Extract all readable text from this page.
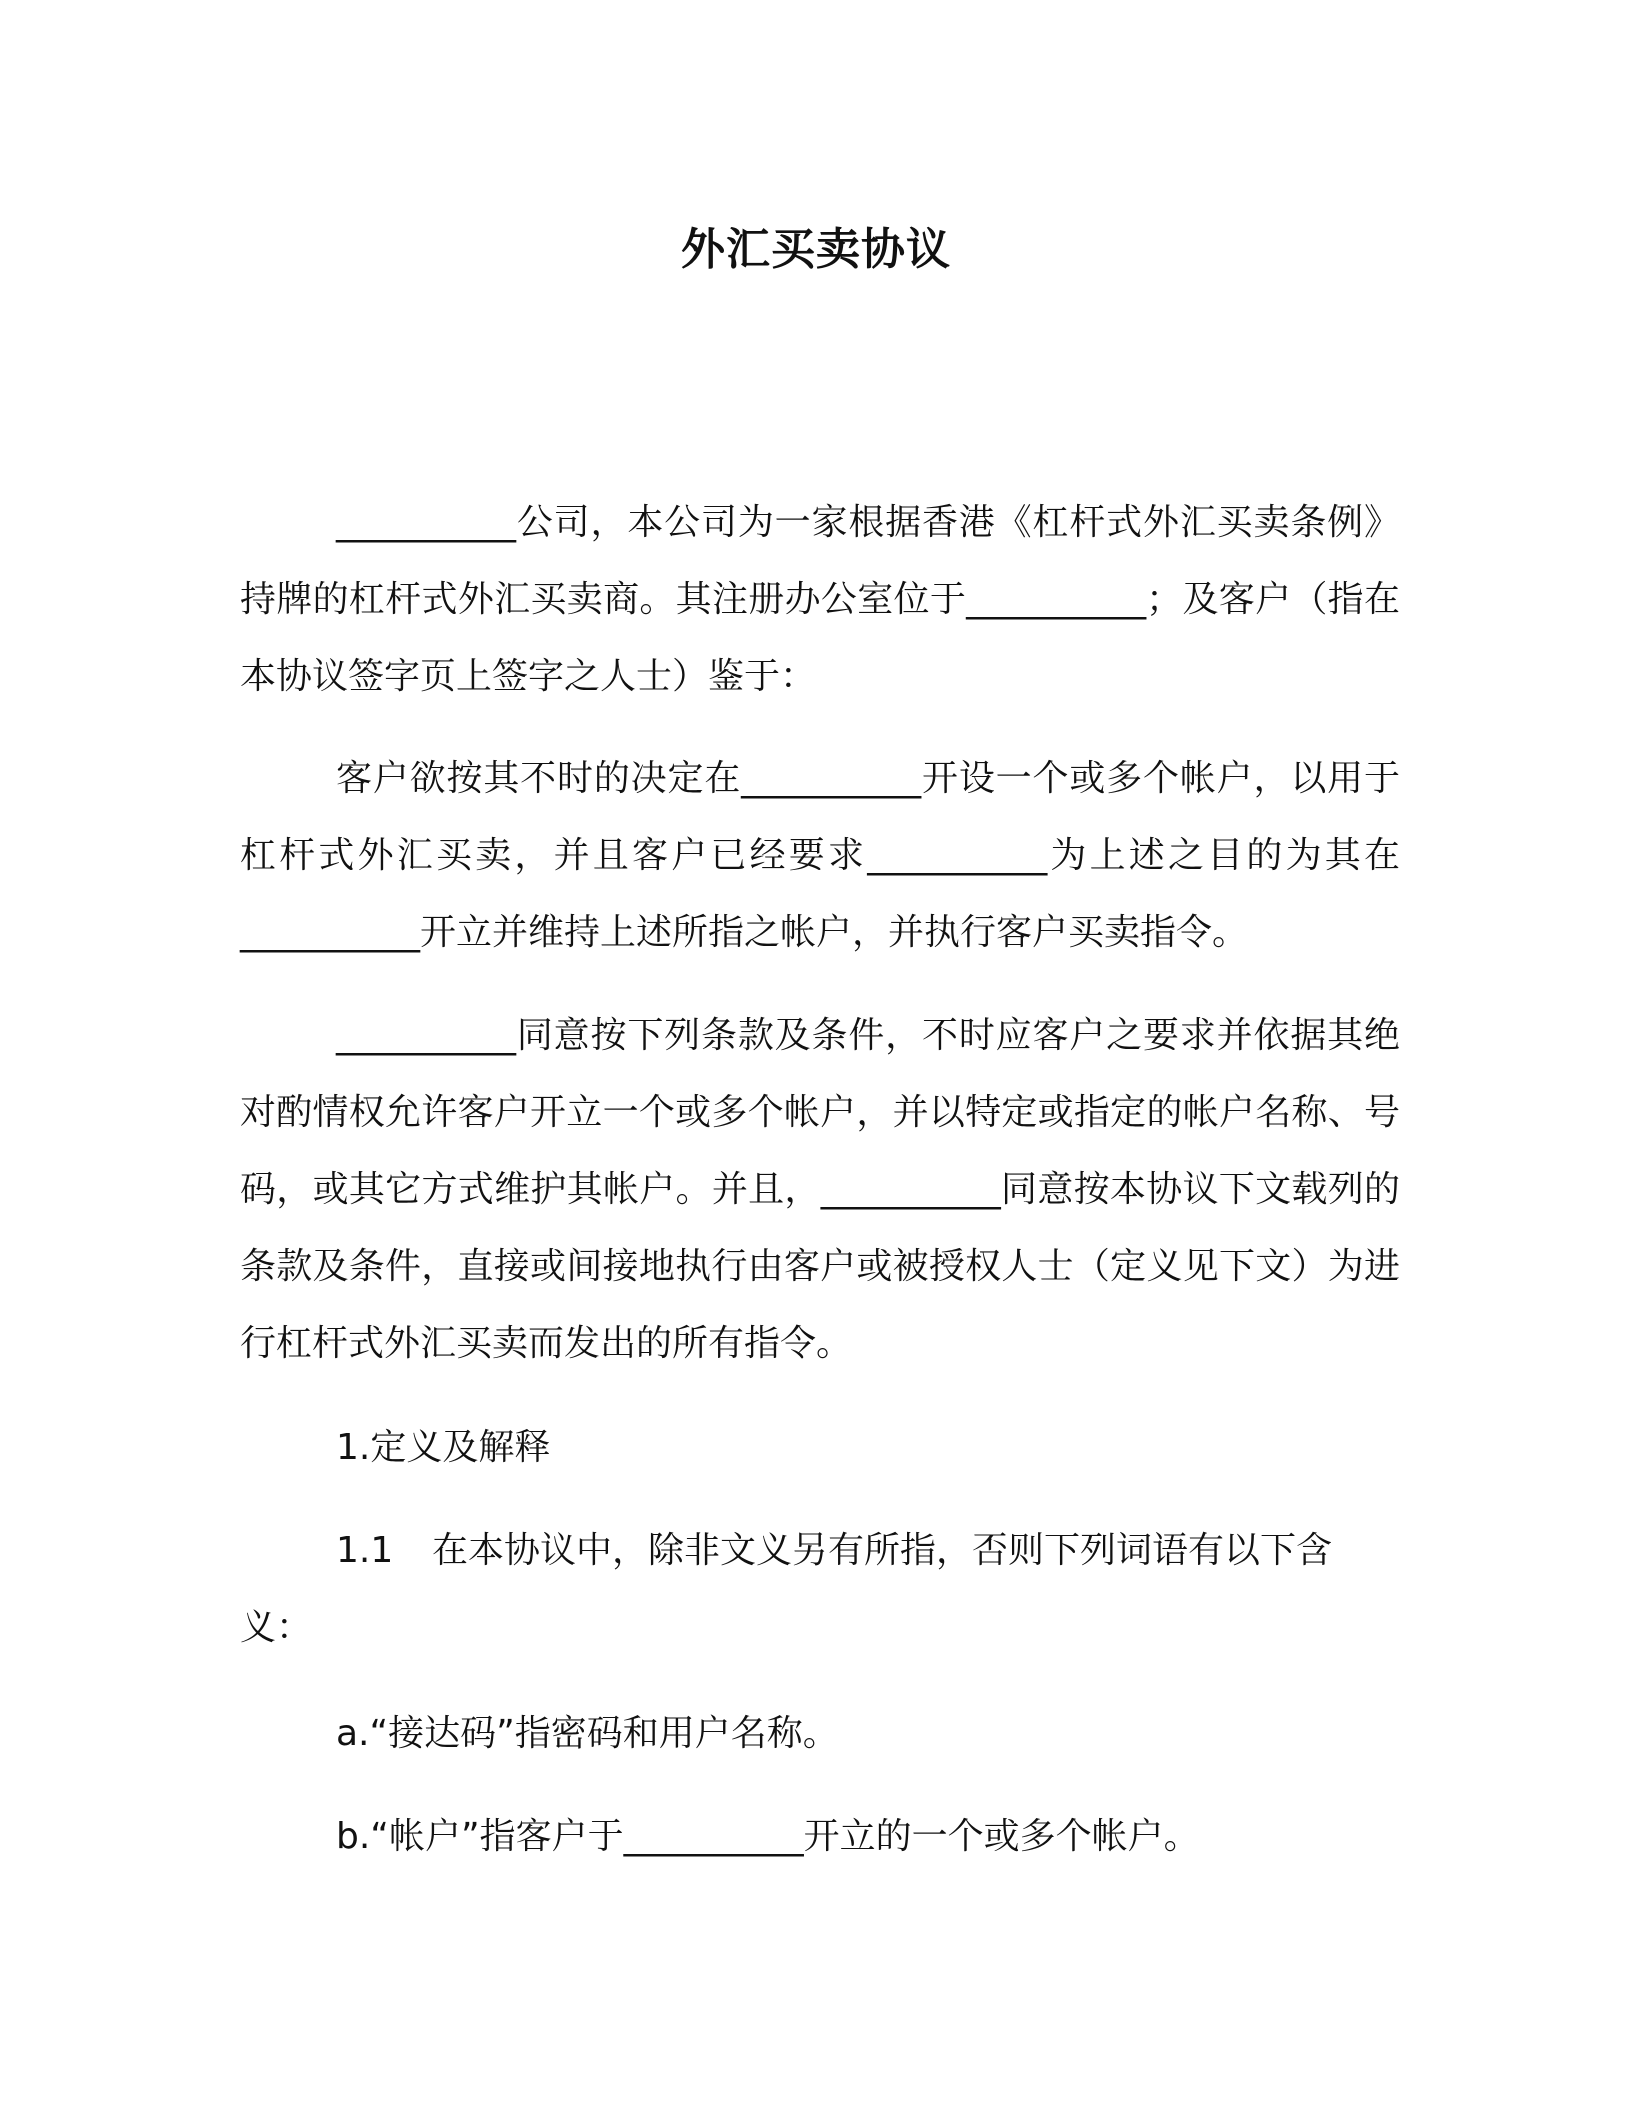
外汇买卖协议
__________公司，本公司为一家根据香港《杠杆式外汇买卖条例》持牌的杠杆式外汇买卖商。其注册办公室位于__________；及客户（指在本协议签字页上签字之人士）鉴于：
客户欲按其不时的决定在__________开设一个或多个帐户，以用于杠杆式外汇买卖，并且客户已经要求__________为上述之目的为其在__________开立并维持上述所指之帐户，并执行客户买卖指令。
__________同意按下列条款及条件，不时应客户之要求并依据其绝对酌情权允许客户开立一个或多个帐户，并以特定或指定的帐户名称、号码，或其它方式维护其帐户。并且，__________同意按本协议下文载列的条款及条件，直接或间接地执行由客户或被授权人士（定义见下文）为进行杠杆式外汇买卖而发出的所有指令。
1.定义及解释
1.1 在本协议中，除非文义另有所指，否则下列词语有以下含义：
a.“接达码”指密码和用户名称。
b.“帐户”指客户于__________开立的一个或多个帐户。
